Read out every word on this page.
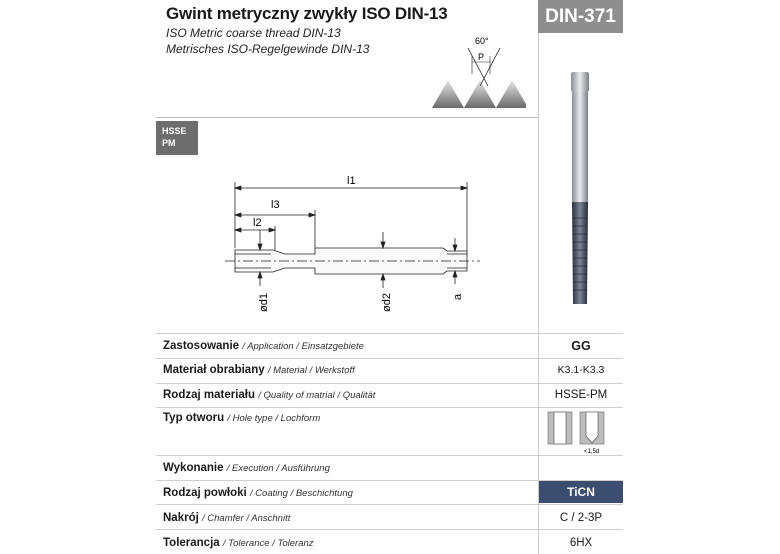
Gwint metryczny zwykły ISO DIN-13
ISO Metric coarse thread DIN-13
Metrisches ISO-Regelgewinde DIN-13
DIN-371
60°
P
HSSE
PM
l1
l3
l2
ød1	ød2	a
Zastosowanie / Application / Einsatzgebiete	GG
Materiał obrabiany / Material / Werkstoff	K3.1-K3.3
Rodzaj materiału / Quality of matrial / Qualität	HSSE-PM
Typ otworu / Hole type / Lochform
<1,5d
Wykonanie / Execution / Ausführung
Rodzaj powłoki / Coating / Beschichtung	TiCN
Nakrój / Chamfer / Anschnitt	C / 2-3P
Tolerancja / Tolerance / Toleranz	6HX
